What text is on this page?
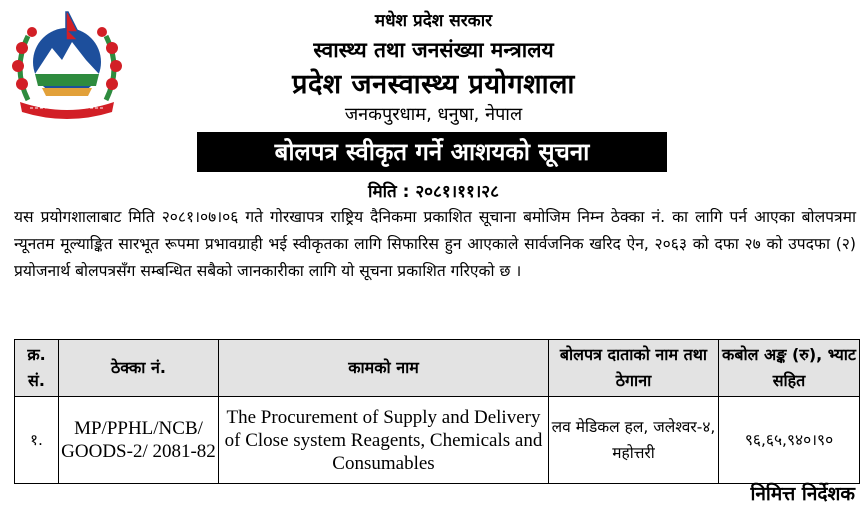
मधेश प्रदेश सरकार
स्वास्थ्य तथा जनसंख्या मन्त्रालय
प्रदेश जनस्वास्थ्य प्रयोगशाला
जनकपुरधाम, धनुषा, नेपाल
बोलपत्र स्वीकृत गर्ने आशयको सूचना
मिति : २०८१।११।२८
यस प्रयोगशालाबाट मिति २०८१।०७।०६ गते गोरखापत्र राष्ट्रिय दैनिकमा प्रकाशित सूचाना बमोजिम निम्न ठेक्का नं. का लागि पर्न आएका बोलपत्रमा न्यूनतम मूल्याङ्कित सारभूत रूपमा प्रभावग्राही भई स्वीकृतका लागि सिफारिस हुन आएकाले सार्वजनिक खरिद ऐन, २०६३ को दफा २७ को उपदफा (२) प्रयोजनार्थ बोलपत्रसँग सम्बन्धित सबैको जानकारीका लागि यो सूचना प्रकाशित गरिएको छ ।
क्र. सं.	ठेक्का नं.	कामको नाम	बोलपत्र दाताको नाम तथा ठेगाना	कबोल अङ्क (रु), भ्याट सहित
१.	MP/PPHL/NCB/ GOODS-2/ 2081-82	The Procurement of Supply and Delivery of Close system Reagents, Chemicals and Consumables	लव मेडिकल हल, जलेश्वर-४, महोत्तरी	९६,६५,९४०।९०
निमित्त निर्देशक
